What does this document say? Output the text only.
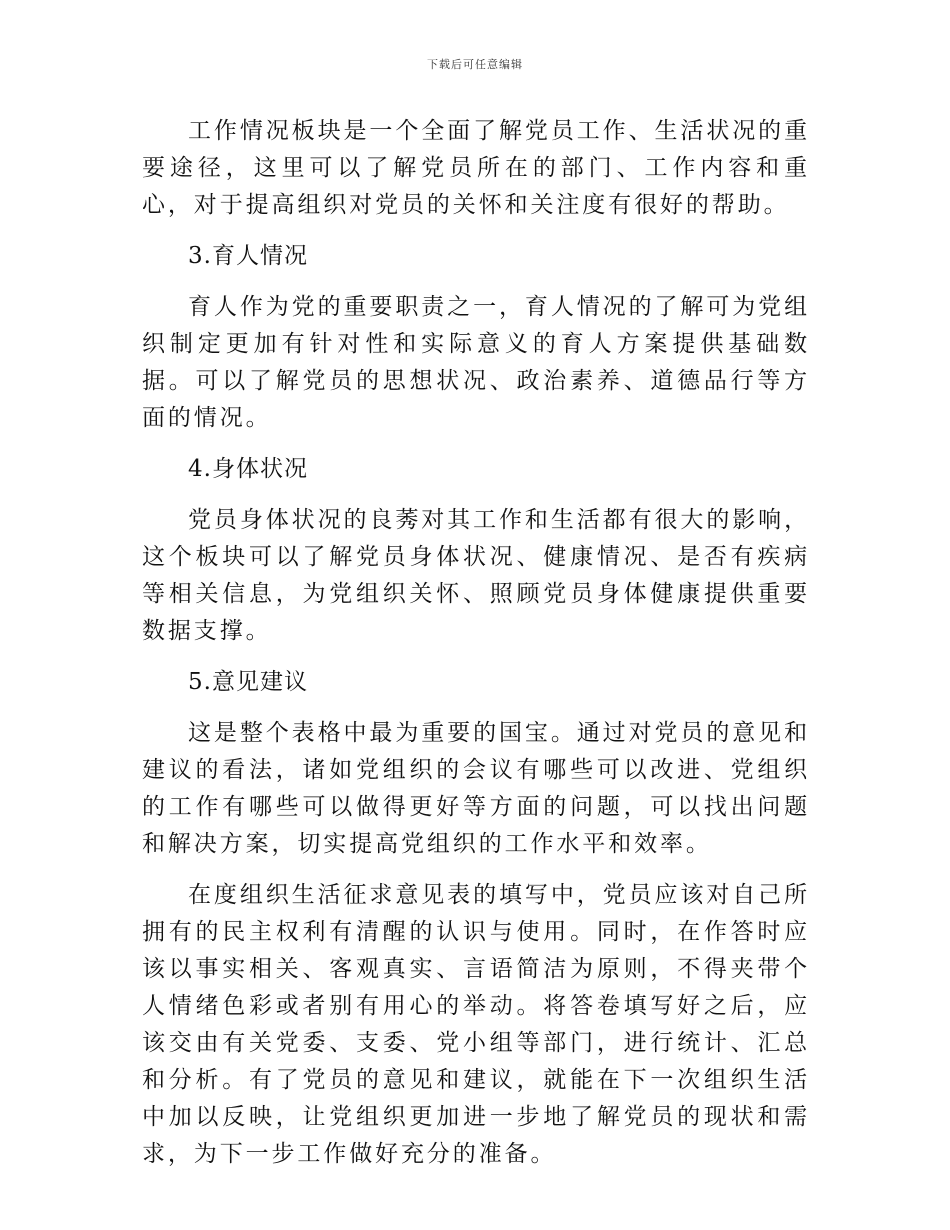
下载后可任意编辑

工作情况板块是一个全面了解党员工作、生活状况的重要途径，这里可以了解党员所在的部门、工作内容和重心，对于提高组织对党员的关怀和关注度有很好的帮助。

3.育人情况

育人作为党的重要职责之一，育人情况的了解可为党组织制定更加有针对性和实际意义的育人方案提供基础数据。可以了解党员的思想状况、政治素养、道德品行等方面的情况。

4.身体状况

党员身体状况的良莠对其工作和生活都有很大的影响，这个板块可以了解党员身体状况、健康情况、是否有疾病等相关信息，为党组织关怀、照顾党员身体健康提供重要数据支撑。

5.意见建议

这是整个表格中最为重要的国宝。通过对党员的意见和建议的看法，诸如党组织的会议有哪些可以改进、党组织的工作有哪些可以做得更好等方面的问题，可以找出问题和解决方案，切实提高党组织的工作水平和效率。

在度组织生活征求意见表的填写中，党员应该对自己所拥有的民主权利有清醒的认识与使用。同时，在作答时应该以事实相关、客观真实、言语简洁为原则，不得夹带个人情绪色彩或者别有用心的举动。将答卷填写好之后，应该交由有关党委、支委、党小组等部门，进行统计、汇总和分析。有了党员的意见和建议，就能在下一次组织生活中加以反映，让党组织更加进一步地了解党员的现状和需求，为下一步工作做好充分的准备。
